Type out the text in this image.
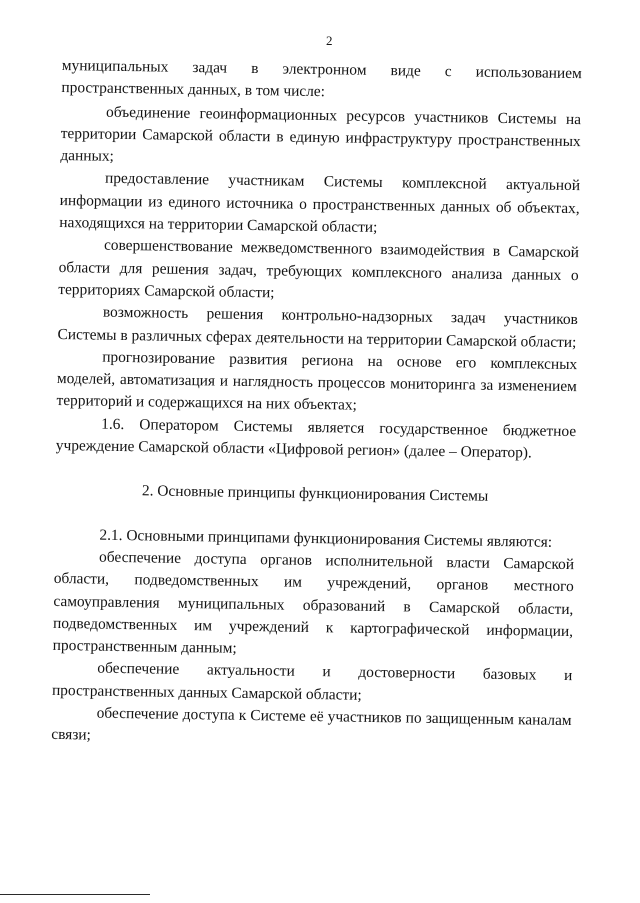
2

муниципальных задач в электронном виде с использованием пространственных данных, в том числе:

объединение геоинформационных ресурсов участников Системы на территории Самарской области в единую инфраструктуру пространственных данных;

предоставление участникам Системы комплексной актуальной информации из единого источника о пространственных данных об объектах, находящихся на территории Самарской области;

совершенствование межведомственного взаимодействия в Самарской области для решения задач, требующих комплексного анализа данных о территориях Самарской области;

возможность решения контрольно-надзорных задач участников Системы в различных сферах деятельности на территории Самарской области;

прогнозирование развития региона на основе его комплексных моделей, автоматизация и наглядность процессов мониторинга за изменением территорий и содержащихся на них объектах;

1.6. Оператором Системы является государственное бюджетное учреждение Самарской области «Цифровой регион» (далее – Оператор).

2. Основные принципы функционирования Системы

2.1. Основными принципами функционирования Системы являются:

обеспечение доступа органов исполнительной власти Самарской области, подведомственных им учреждений, органов местного самоуправления муниципальных образований в Самарской области, подведомственных им учреждений к картографической информации, пространственным данным;

обеспечение актуальности и достоверности базовых и пространственных данных Самарской области;

обеспечение доступа к Системе её участников по защищенным каналам связи;
